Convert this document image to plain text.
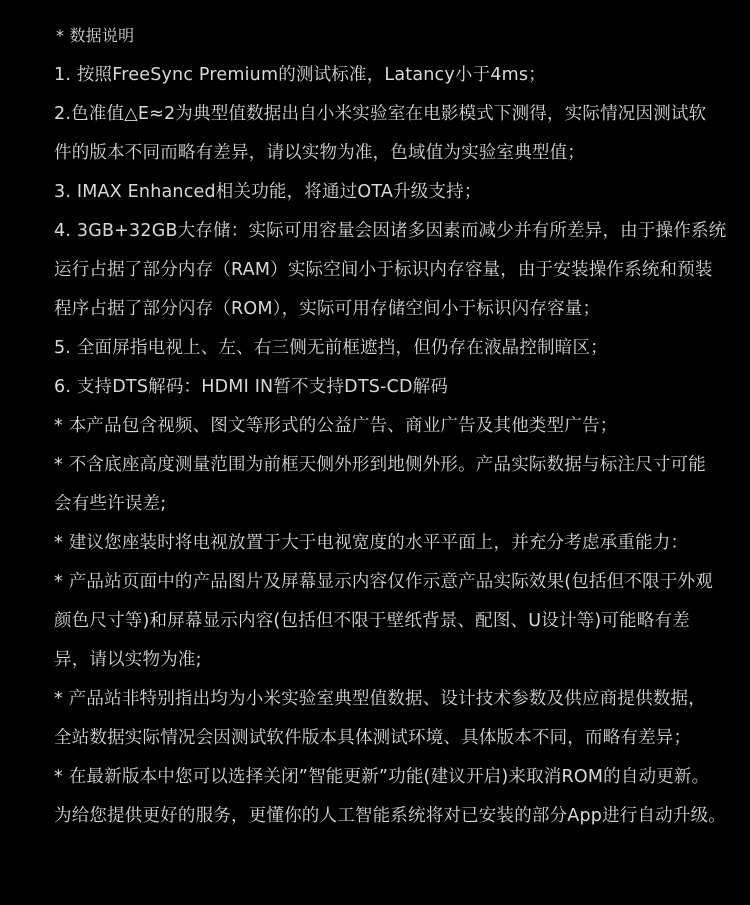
* 数据说明
1. 按照FreeSync Premium的测试标准，Latancy小于4ms；
2.色准值△E≈2为典型值数据出自小米实验室在电影模式下测得，实际情况因测试软
件的版本不同而略有差异，请以实物为准，色域值为实验室典型值；
3. IMAX Enhanced相关功能，将通过OTA升级支持；
4. 3GB+32GB大存储：实际可用容量会因诸多因素而减少并有所差异，由于操作系统
运行占据了部分内存（RAM）实际空间小于标识内存容量，由于安装操作系统和预装
程序占据了部分闪存（ROM），实际可用存储空间小于标识闪存容量；
5. 全面屏指电视上、左、右三侧无前框遮挡，但仍存在液晶控制暗区；
6. 支持DTS解码：HDMI IN暂不支持DTS-CD解码
* 本产品包含视频、图文等形式的公益广告、商业广告及其他类型广告；
* 不含底座高度测量范围为前框天侧外形到地侧外形。产品实际数据与标注尺寸可能
会有些许误差;
* 建议您座装时将电视放置于大于电视宽度的水平平面上，并充分考虑承重能力：
* 产品站页面中的产品图片及屏幕显示内容仅作示意产品实际效果(包括但不限于外观
颜色尺寸等)和屏幕显示内容(包括但不限于壁纸背景、配图、U设计等)可能略有差
异，请以实物为准;
* 产品站非特别指出均为小米实验室典型值数据、设计技术参数及供应商提供数据，
全站数据实际情况会因测试软件版本具体测试环境、具体版本不同，而略有差异；
* 在最新版本中您可以选择关闭”智能更新”功能(建议开启)来取消ROM的自动更新。
为给您提供更好的服务，更懂你的人工智能系统将对已安装的部分App进行自动升级。
